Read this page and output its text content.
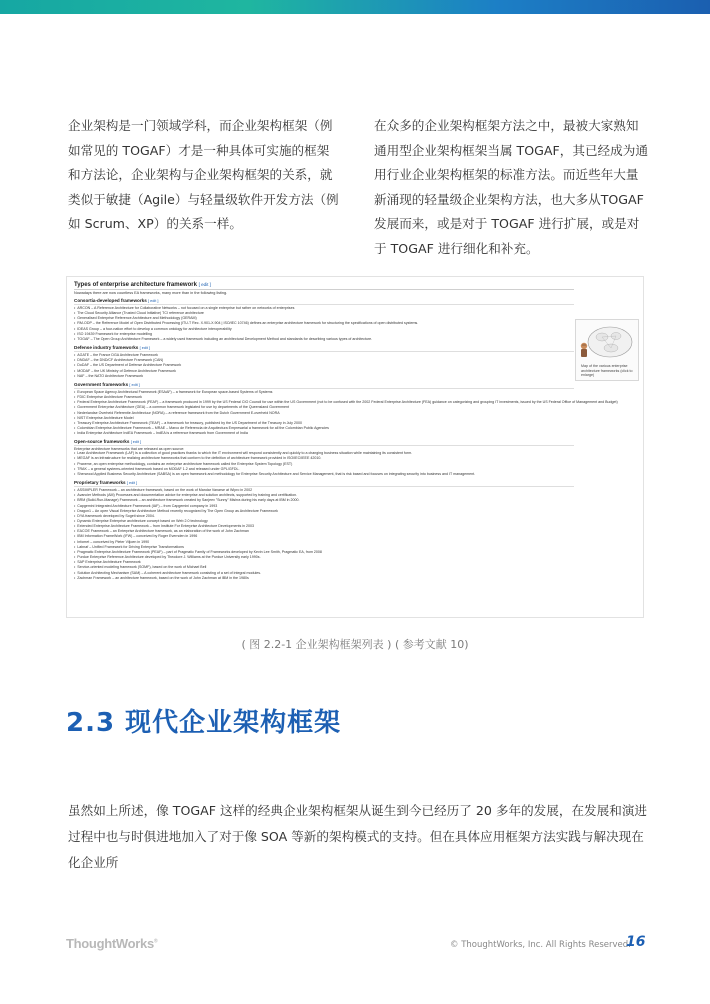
企业架构是一门领域学科，而企业架构框架（例如常见的 TOGAF）才是一种具体可实施的框架和方法论，企业架构与企业架构框架的关系，就类似于敏捷（Agile）与轻量级软件开发方法（例如 Scrum、XP）的关系一样。

在众多的企业架构框架方法之中，最被大家熟知通用型企业架构框架当属 TOGAF，其已经成为通用行业企业架构框架的标准方法。而近些年大量新涌现的轻量级企业架构方法，也大多从TOGAF发展而来，或是对于 TOGAF 进行扩展，或是对于 TOGAF 进行细化和补充。

Types of enterprise architecture framework [ edit ]
Nowadays there are now countless EA frameworks, many more than in the following listing.
Consortia-developed frameworks [ edit ]
• ARCON – A Reference Architecture for Collaborative Networks – not focused on a single enterprise but rather on networks of enterprises
• The Cloud Security Alliance (Trusted Cloud Initiative) TCI reference architecture
• Generalised Enterprise Reference Architecture and Methodology (GERAM)
• RM-ODP – the Reference Model of Open Distributed Processing (ITU-T Rec. X.901-X.904 | ISO/IEC 10746) defines an enterprise architecture framework for structuring the specifications of open distributed systems.
• IDEAS Group – a four-nation effort to develop a common ontology for architecture interoperability
• ISO 19439 Framework for enterprise modelling
• TOGAF – The Open Group Architecture Framework – a widely used framework including an architectural Development Method and standards for describing various types of architecture.
Defense industry frameworks [ edit ]
• AGATE – the France DGA Architecture Framework
• DNDAF – the DND/CF Architecture Framework (CAN)
• DoDAF – the US Department of Defense Architecture Framework
• MODAF – the UK Ministry of Defence Architecture Framework
• NAF – the NATO Architecture Framework
Government frameworks [ edit ]
• European Space Agency Architectural Framework (ESAAF) – a framework for European space-based Systems of Systems
• FDIC Enterprise Architecture Framework
• Federal Enterprise Architecture Framework (FEAF) – a framework produced in 1999 by the US Federal CIO Council for use within the US Government (not to be confused with the 2002 Federal Enterprise Architecture (FEA) guidance on categorizing and grouping IT investments, issued by the US Federal Office of Management and Budget)
• Government Enterprise Architecture (GEA) – a common framework legislated for use by departments of the Queensland Government
• Nederlandse Overheid Referentie Architectuur (NORA) – a reference framework from the Dutch Government E-overheid NORA
• NIST Enterprise Architecture Model
• Treasury Enterprise Architecture Framework (TEAF) – a framework for treasury, published by the US Department of the Treasury in July 2000
• Colombian Enterprise Architecture Framework – MRAE – Marco de Referencia de Arquitectura Empresarial a framework for all the Colombian Public Agencies
• India Enterprise Architecture IndEA Framework – IndEA is a reference framework from Government of India
Open-source frameworks [ edit ]
Enterprise architecture frameworks that are released as open source:
• Lean Architecture Framework (LAF) is a collection of good practices thanks to which the IT environment will respond consistently and quickly to a changing business situation while maintaining its consistent form.
• MEGAF is an infrastructure for realizing architecture frameworks that conform to the definition of architecture framework provided in ISO/IEC/IEEE 42010.
• Praxeme, an open enterprise methodology, contains an enterprise architecture framework called the Enterprise System Topology (EST)
• TRAK – a general systems-oriented framework based on MODAF 1.2 and released under GPL/GFDL.
• Sherwood Applied Business Security Architecture (SABSA) is an open framework and methodology for Enterprise Security Architecture and Service Management, that is risk based and focuses on integrating security into business and IT management.
Proprietary frameworks [ edit ]
• ASSIMPLER Framework – an architecture framework, based on the work of Mandar Vanarse at Wipro in 2002
• Avancier Methods (AM) Processes and documentation advice for enterprise and solution architects, supported by training and certification.
• BRM (Build-Run-Manage) Framework – an architecture framework created by Sanjeev "Sunny" Mishra during his early days at IBM in 2000.
• Capgemini Integrated Architecture Framework (IAF) – from Capgemini company in 1993
• Dragon1 – An open Visual Enterprise Architecture Method recently recognized by The Open Group as Architecture Framework
• DYA framework developed by Sogeti since 2004.
• Dynamic Enterprise Enterprise architecture concept based on Web 2.0 technology
• Extended Enterprise Architecture Framework – from Institute For Enterprise Architecture Developments in 2003
• EACOE Framework – an Enterprise Architecture framework, as an elaboration of the work of John Zachman
• IBM Information FrameWork (IFW) – conceived by Roger Evernden in 1996
• Infomet – conceived by Pieter Viljoen in 1990
• Labnaf – Unified Framework for Driving Enterprise Transformations
• Pragmatic Enterprise Architecture Framework (PEAF) – part of Pragmatic Family of Frameworks developed by Kevin Lee Smith, Pragmatic EA, from 2008
• Purdue Enterprise Reference Architecture developed by Theodore J. Williams at the Purdue University early 1990s.
• SAP Enterprise Architecture Framework
• Service-oriented modeling framework (SOMF), based on the work of Michael Bell
• Solution Architecting Mechanism (SAM) – A coherent architecture framework consisting of a set of integral modules.
• Zachman Framework – an architecture framework, based on the work of John Zachman at IBM in the 1980s
Map of the various enterprise architecture frameworks (click to enlarge)
( 图 2.2-1 企业架构框架列表 ) ( 参考文献 10)
2.3 现代企业架构框架

虽然如上所述，像 TOGAF 这样的经典企业架构框架从诞生到今已经历了 20 多年的发展，在发展和演进过程中也与时俱进地加入了对于像 SOA 等新的架构模式的支持。但在具体应用框架方法实践与解决现在化企业所

ThoughtWorks®	© ThoughtWorks, Inc. All Rights Reserved.
16
